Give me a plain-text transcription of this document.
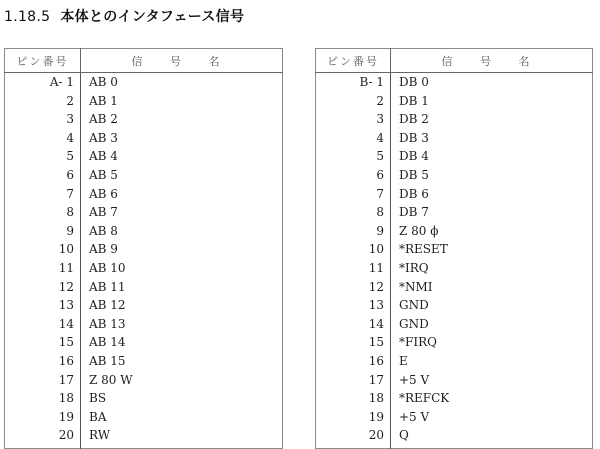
1.18.5 本体とのインタフェース信号
ピン番号	信 号 名
A- 1	AB 0
2	AB 1
3	AB 2
4	AB 3
5	AB 4
6	AB 5
7	AB 6
8	AB 7
9	AB 8
10	AB 9
11	AB 10
12	AB 11
13	AB 12
14	AB 13
15	AB 14
16	AB 15
17	Z 80 W
18	BS
19	BA
20	RW
ピン番号	信 号 名
B- 1	DB 0
2	DB 1
3	DB 2
4	DB 3
5	DB 4
6	DB 5
7	DB 6
8	DB 7
9	Z 80 ϕ
10	*RESET
11	*IRQ
12	*NMI
13	GND
14	GND
15	*FIRQ
16	E
17	+5 V
18	*REFCK
19	+5 V
20	Q
